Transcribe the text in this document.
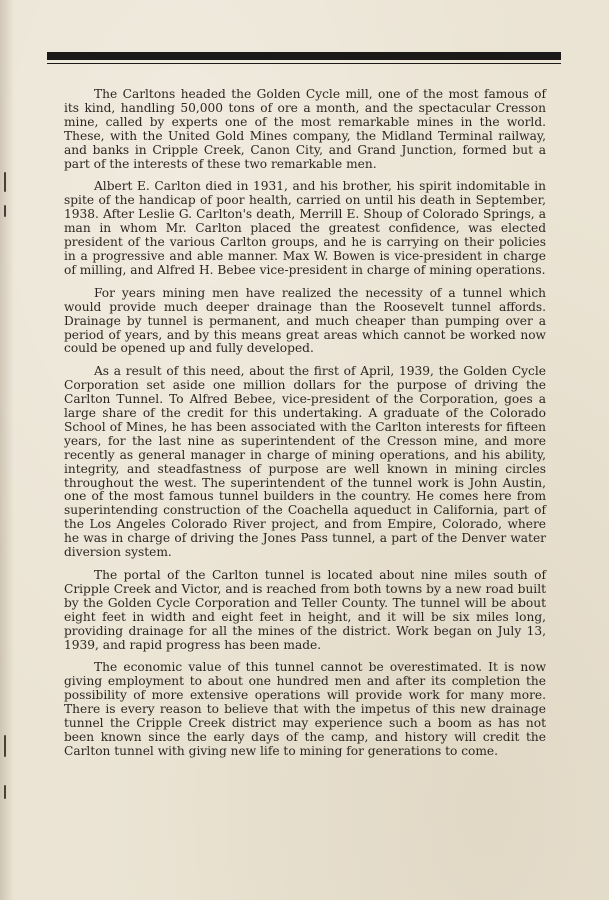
The Carltons headed the Golden Cycle mill, one of the most famous of its kind, handling 50,000 tons of ore a month, and the spectacular Cresson mine, called by experts one of the most remarkable mines in the world. These, with the United Gold Mines company, the Midland Terminal railway, and banks in Cripple Creek, Canon City, and Grand Junction, formed but a part of the interests of these two remarkable men.

Albert E. Carlton died in 1931, and his brother, his spirit indomitable in spite of the handicap of poor health, carried on until his death in September, 1938. After Leslie G. Carlton's death, Merrill E. Shoup of Colorado Springs, a man in whom Mr. Carlton placed the greatest confidence, was elected president of the various Carlton groups, and he is carrying on their policies in a progressive and able manner. Max W. Bowen is vice-president in charge of milling, and Alfred H. Bebee vice-president in charge of mining operations.

For years mining men have realized the necessity of a tunnel which would provide much deeper drainage than the Roosevelt tunnel affords. Drainage by tunnel is permanent, and much cheaper than pumping over a period of years, and by this means great areas which cannot be worked now could be opened up and fully developed.

As a result of this need, about the first of April, 1939, the Golden Cycle Corporation set aside one million dollars for the purpose of driving the Carlton Tunnel. To Alfred Bebee, vice-president of the Corporation, goes a large share of the credit for this undertaking. A graduate of the Colorado School of Mines, he has been associated with the Carlton interests for fifteen years, for the last nine as superintendent of the Cresson mine, and more recently as general manager in charge of mining operations, and his ability, integrity, and steadfastness of purpose are well known in mining circles throughout the west. The superintendent of the tunnel work is John Austin, one of the most famous tunnel builders in the country. He comes here from superintending construction of the Coachella aqueduct in California, part of the Los Angeles Colorado River project, and from Empire, Colorado, where he was in charge of driving the Jones Pass tunnel, a part of the Denver water diversion system.

The portal of the Carlton tunnel is located about nine miles south of Cripple Creek and Victor, and is reached from both towns by a new road built by the Golden Cycle Corporation and Teller County. The tunnel will be about eight feet in width and eight feet in height, and it will be six miles long, providing drainage for all the mines of the district. Work began on July 13, 1939, and rapid progress has been made.

The economic value of this tunnel cannot be overestimated. It is now giving employment to about one hundred men and after its completion the possibility of more extensive operations will provide work for many more. There is every reason to believe that with the impetus of this new drainage tunnel the Cripple Creek district may experience such a boom as has not been known since the early days of the camp, and history will credit the Carlton tunnel with giving new life to mining for generations to come.
